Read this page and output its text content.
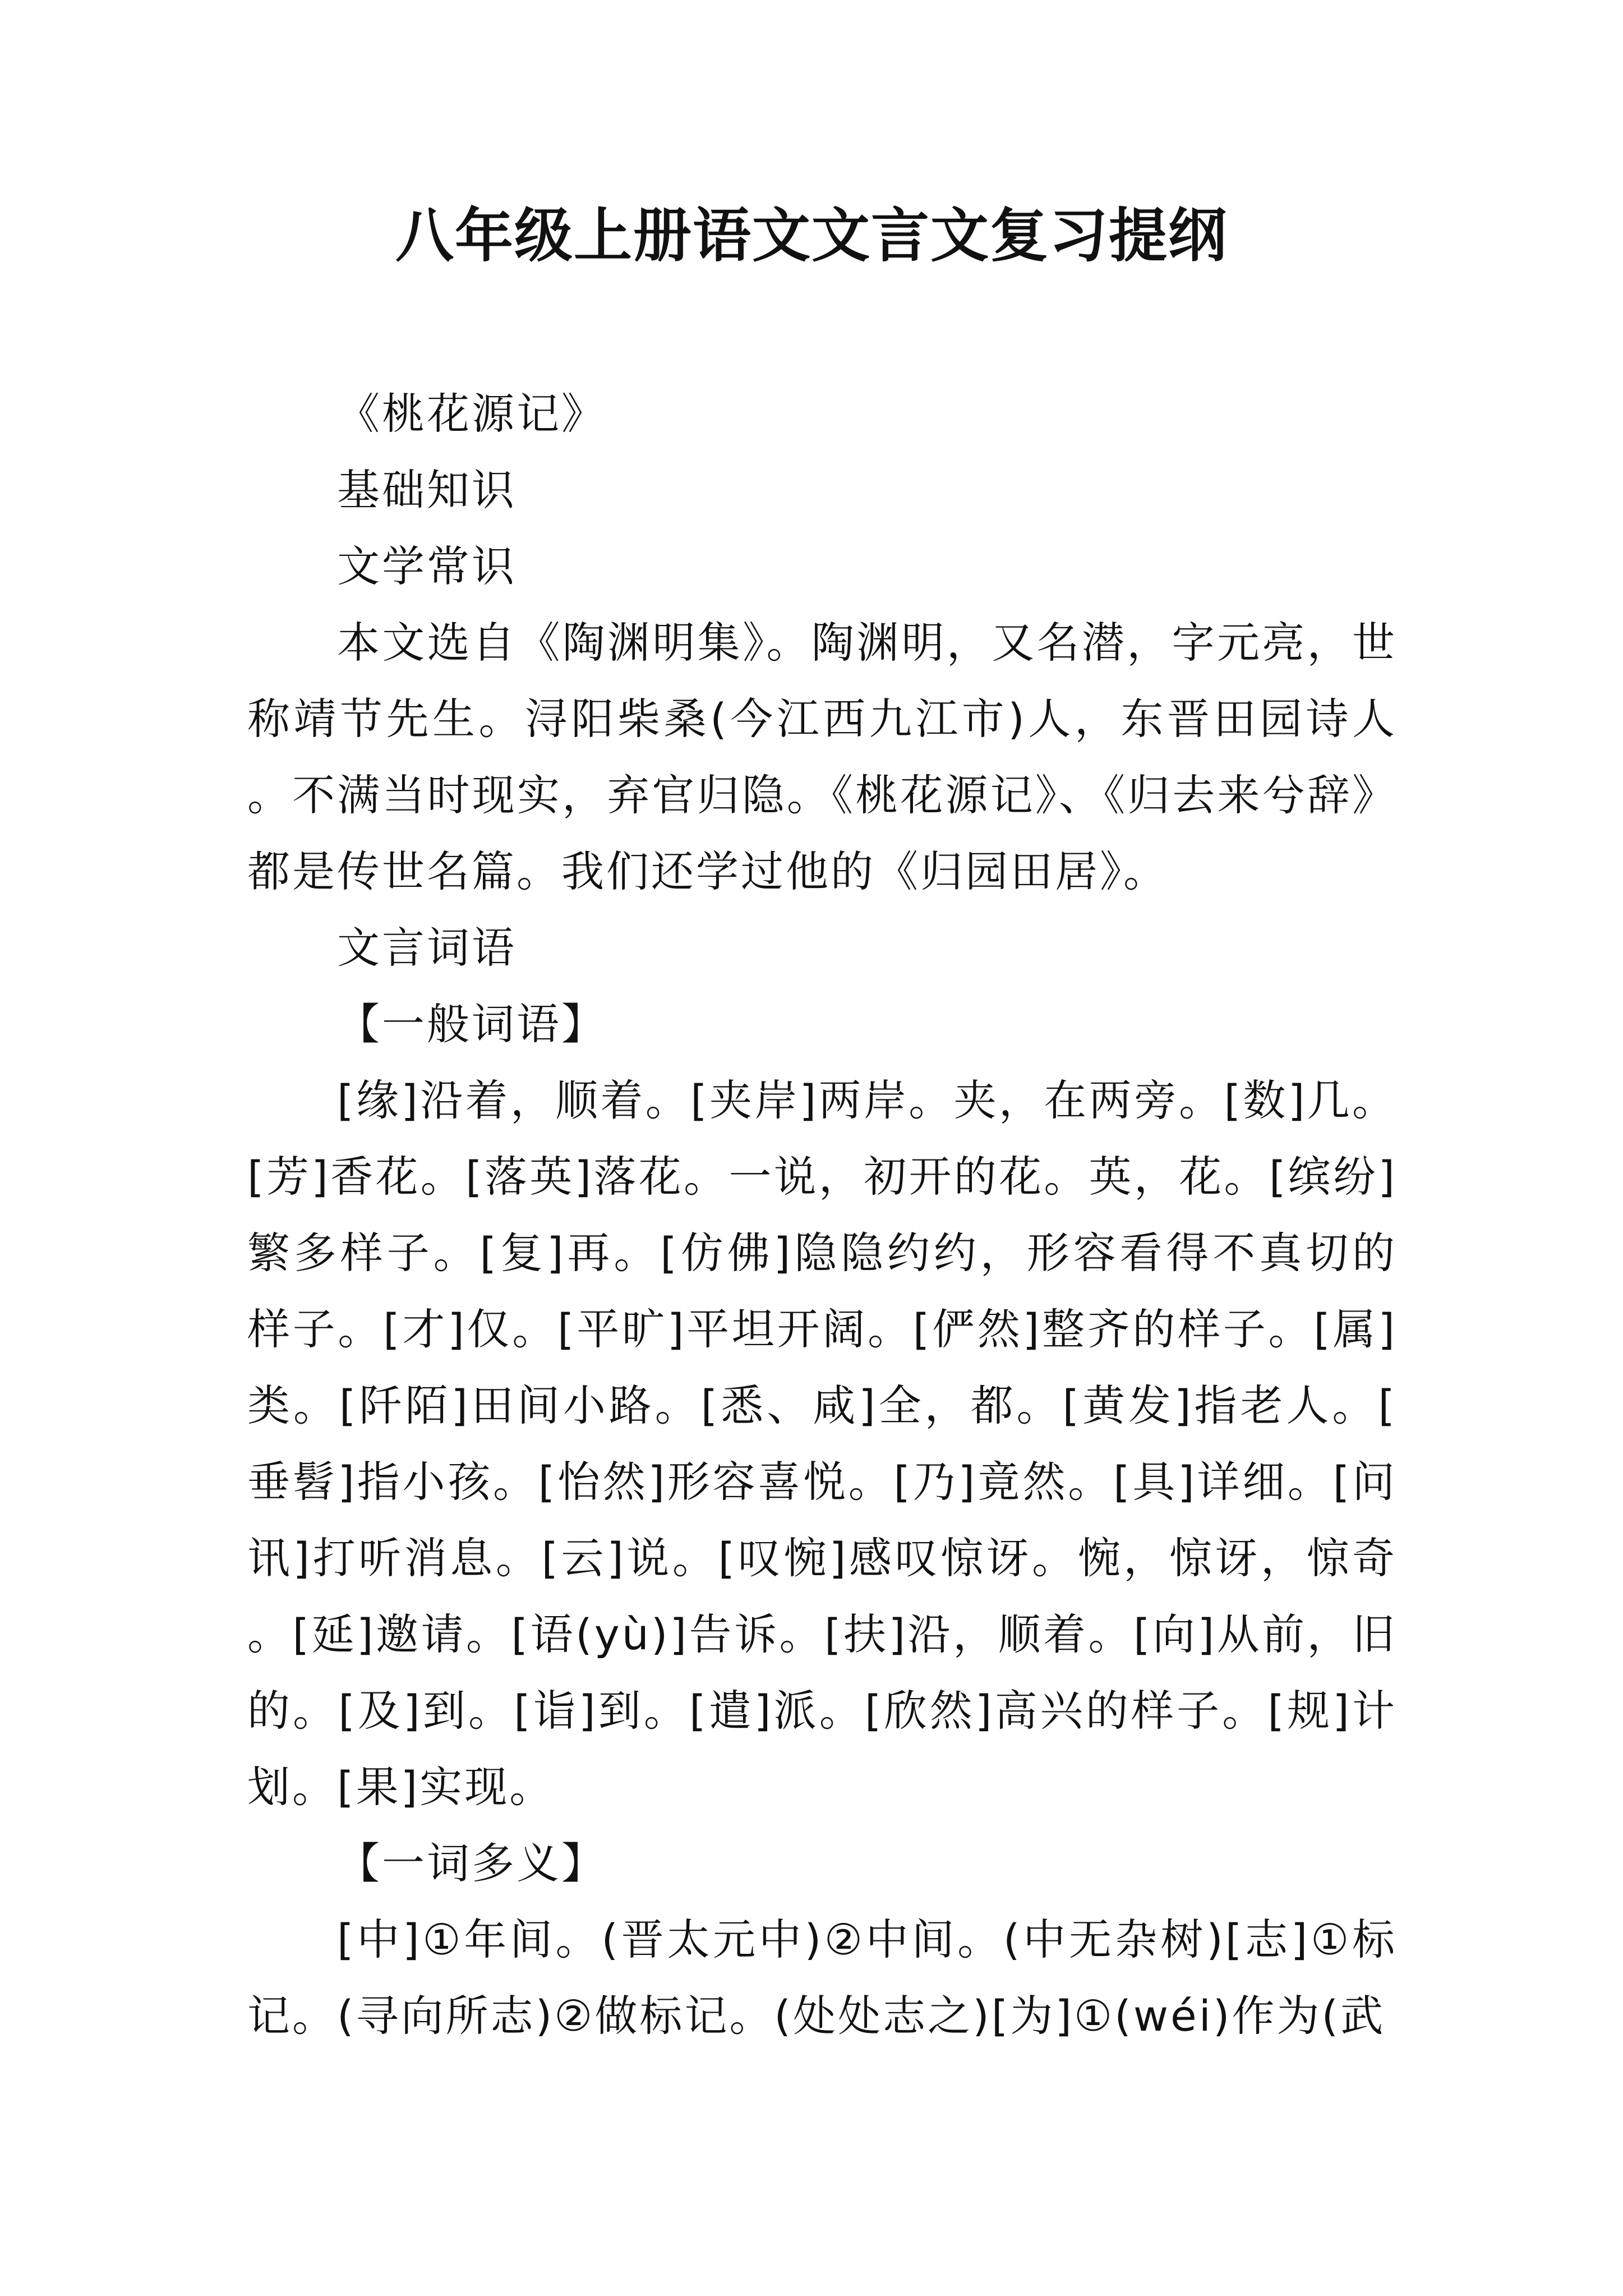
八年级上册语文文言文复习提纲

《桃花源记》

基础知识

文学常识

本文选自《陶渊明集》。陶渊明，又名潜，字元亮，世称靖节先生。浔阳柴桑(今江西九江市)人，东晋田园诗人。不满当时现实，弃官归隐。《桃花源记》、《归去来兮辞》都是传世名篇。我们还学过他的《归园田居》。

文言词语

【一般词语】

[缘]沿着，顺着。[夹岸]两岸。夹，在两旁。[数]几。[芳]香花。[落英]落花。一说，初开的花。英，花。[缤纷]繁多样子。[复]再。[仿佛]隐隐约约，形容看得不真切的样子。[才]仅。[平旷]平坦开阔。[俨然]整齐的样子。[属]类。[阡陌]田间小路。[悉、咸]全，都。[黄发]指老人。[垂髫]指小孩。[怡然]形容喜悦。[乃]竟然。[具]详细。[问讯]打听消息。[云]说。[叹惋]感叹惊讶。惋，惊讶，惊奇。[延]邀请。[语(yù)]告诉。[扶]沿，顺着。[向]从前，旧的。[及]到。[诣]到。[遣]派。[欣然]高兴的样子。[规]计划。[果]实现。

【一词多义】

[中]①年间。(晋太元中)②中间。(中无杂树)[志]①标记。(寻向所志)②做标记。(处处志之)[为]①(wéi)作为(武
